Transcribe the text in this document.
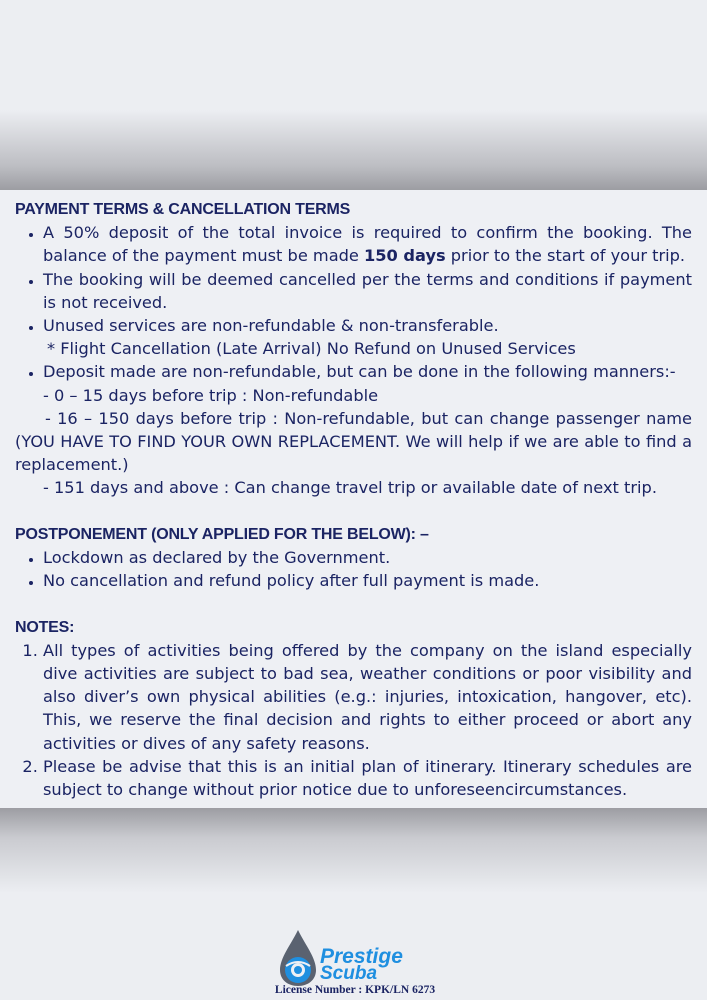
PAYMENT TERMS & CANCELLATION TERMS
• A 50% deposit of the total invoice is required to confirm the booking. The balance of the payment must be made 150 days prior to the start of your trip.
• The booking will be deemed cancelled per the terms and conditions if payment is not received.
• Unused services are non-refundable & non-transferable.
* Flight Cancellation (Late Arrival) No Refund on Unused Services
• Deposit made are non-refundable, but can be done in the following manners:-
- 0 – 15 days before trip : Non-refundable
- 16 – 150 days before trip : Non-refundable, but can change passenger name (YOU HAVE TO FIND YOUR OWN REPLACEMENT. We will help if we are able to find a replacement.)
- 151 days and above : Can change travel trip or available date of next trip.
POSTPONEMENT (ONLY APPLIED FOR THE BELOW): –
• Lockdown as declared by the Government.
• No cancellation and refund policy after full payment is made.
NOTES:
1. All types of activities being offered by the company on the island especially dive activities are subject to bad sea, weather conditions or poor visibility and also diver’s own physical abilities (e.g.: injuries, intoxication, hangover, etc). This, we reserve the final decision and rights to either proceed or abort any activities or dives of any safety reasons.
2. Please be advise that this is an initial plan of itinerary. Itinerary schedules are subject to change without prior notice due to unforeseencircumstances.
Prestige
Scuba
License Number : KPK/LN 6273
